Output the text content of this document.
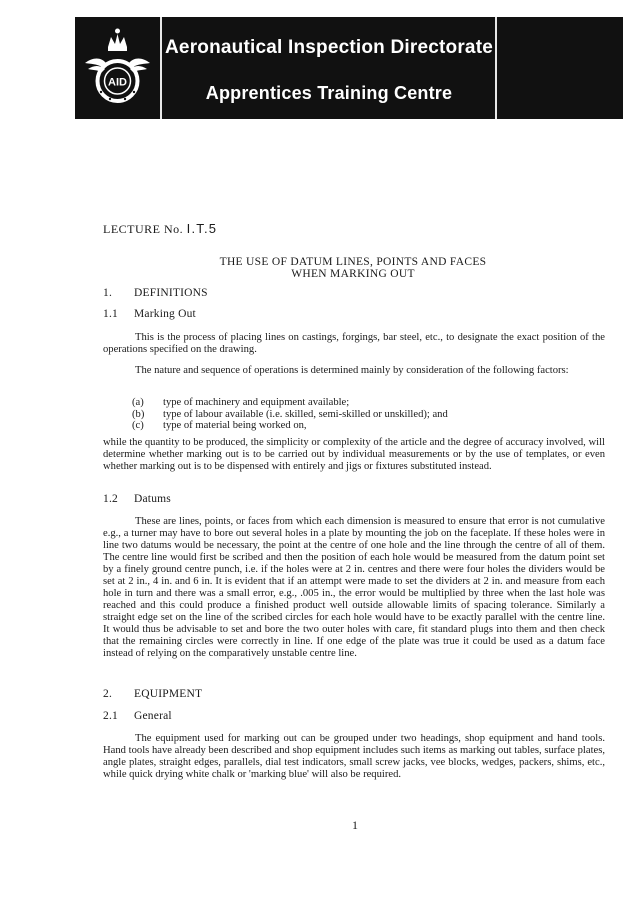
AID
Aeronautical Inspection Directorate
Apprentices Training Centre
LECTURE No. I.T.5
THE USE OF DATUM LINES, POINTS AND FACES
WHEN MARKING OUT
1. DEFINITIONS
1.1 Marking Out

This is the process of placing lines on castings, forgings, bar steel, etc., to designate the exact position of the operations specified on the drawing.

The nature and sequence of operations is determined mainly by consideration of the following factors:

(a) type of machinery and equipment available;
(b) type of labour available (i.e. skilled, semi-skilled or unskilled); and
(c) type of material being worked on,

while the quantity to be produced, the simplicity or complexity of the article and the degree of accuracy involved, will determine whether marking out is to be carried out by individual measurements or by the use of templates, or even whether marking out is to be dispensed with entirely and jigs or fixtures substituted instead.

1.2 Datums

These are lines, points, or faces from which each dimension is measured to ensure that error is not cumulative e.g., a turner may have to bore out several holes in a plate by mounting the job on the faceplate. If these holes were in line two datums would be necessary, the point at the centre of one hole and the line through the centre of all of them. The centre line would first be scribed and then the position of each hole would be measured from the datum point set by a finely ground centre punch, i.e. if the holes were at 2 in. centres and there were four holes the dividers would be set at 2 in., 4 in. and 6 in. It is evident that if an attempt were made to set the dividers at 2 in. and measure from each hole in turn and there was a small error, e.g., .005 in., the error would be multiplied by three when the last hole was reached and this could produce a finished product well outside allowable limits of spacing tolerance. Similarly a straight edge set on the line of the scribed circles for each hole would have to be exactly parallel with the centre line. It would thus be advisable to set and bore the two outer holes with care, fit standard plugs into them and then check that the remaining circles were correctly in line. If one edge of the plate was true it could be used as a datum face instead of relying on the comparatively unstable centre line.

2. EQUIPMENT
2.1 General

The equipment used for marking out can be grouped under two headings, shop equipment and hand tools. Hand tools have already been described and shop equipment includes such items as marking out tables, surface plates, angle plates, straight edges, parallels, dial test indicators, small screw jacks, vee blocks, wedges, packers, shims, etc., while quick drying white chalk or 'marking blue' will also be required.

1
